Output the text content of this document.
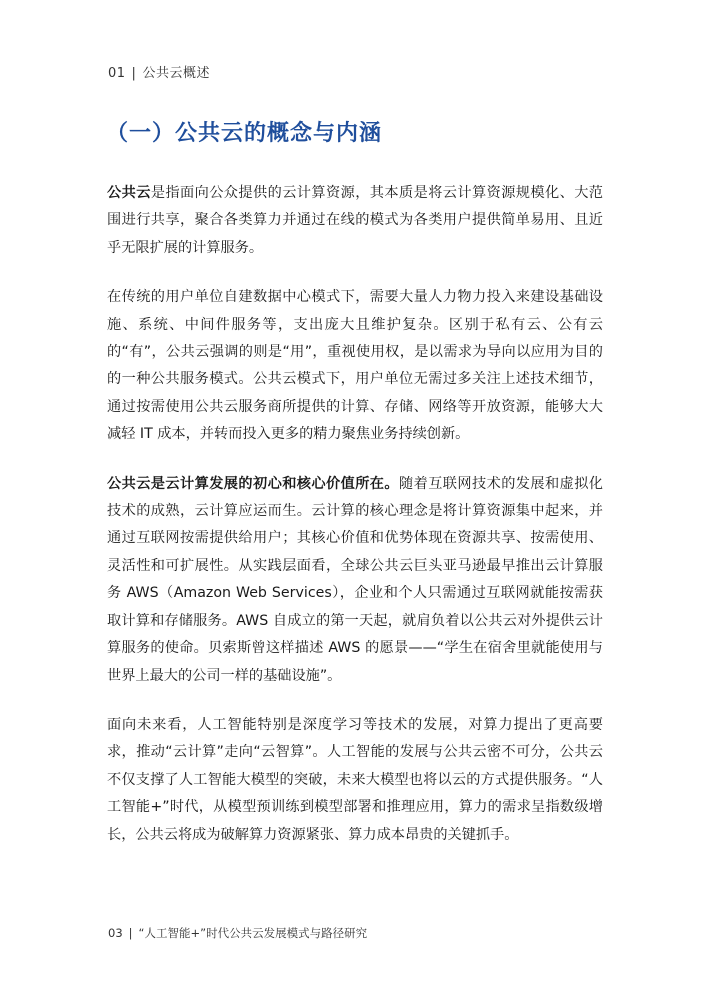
01 | 公共云概述
（一）公共云的概念与内涵

公共云是指面向公众提供的云计算资源，其本质是将云计算资源规模化、大范围进行共享，聚合各类算力并通过在线的模式为各类用户提供简单易用、且近乎无限扩展的计算服务。

在传统的用户单位自建数据中心模式下，需要大量人力物力投入来建设基础设施、系统、中间件服务等，支出庞大且维护复杂。区别于私有云、公有云的“有”，公共云强调的则是“用”，重视使用权，是以需求为导向以应用为目的的一种公共服务模式。公共云模式下，用户单位无需过多关注上述技术细节，通过按需使用公共云服务商所提供的计算、存储、网络等开放资源，能够大大减轻 IT 成本，并转而投入更多的精力聚焦业务持续创新。

公共云是云计算发展的初心和核心价值所在。随着互联网技术的发展和虚拟化技术的成熟，云计算应运而生。云计算的核心理念是将计算资源集中起来，并通过互联网按需提供给用户；其核心价值和优势体现在资源共享、按需使用、灵活性和可扩展性。从实践层面看，全球公共云巨头亚马逊最早推出云计算服务 AWS（Amazon Web Services），企业和个人只需通过互联网就能按需获取计算和存储服务。AWS 自成立的第一天起，就肩负着以公共云对外提供云计算服务的使命。贝索斯曾这样描述 AWS 的愿景——“学生在宿舍里就能使用与世界上最大的公司一样的基础设施”。

面向未来看，人工智能特别是深度学习等技术的发展，对算力提出了更高要求，推动“云计算”走向“云智算”。人工智能的发展与公共云密不可分，公共云不仅支撑了人工智能大模型的突破，未来大模型也将以云的方式提供服务。“人工智能+”时代，从模型预训练到模型部署和推理应用，算力的需求呈指数级增长，公共云将成为破解算力资源紧张、算力成本昂贵的关键抓手。

03 | “人工智能+”时代公共云发展模式与路径研究
